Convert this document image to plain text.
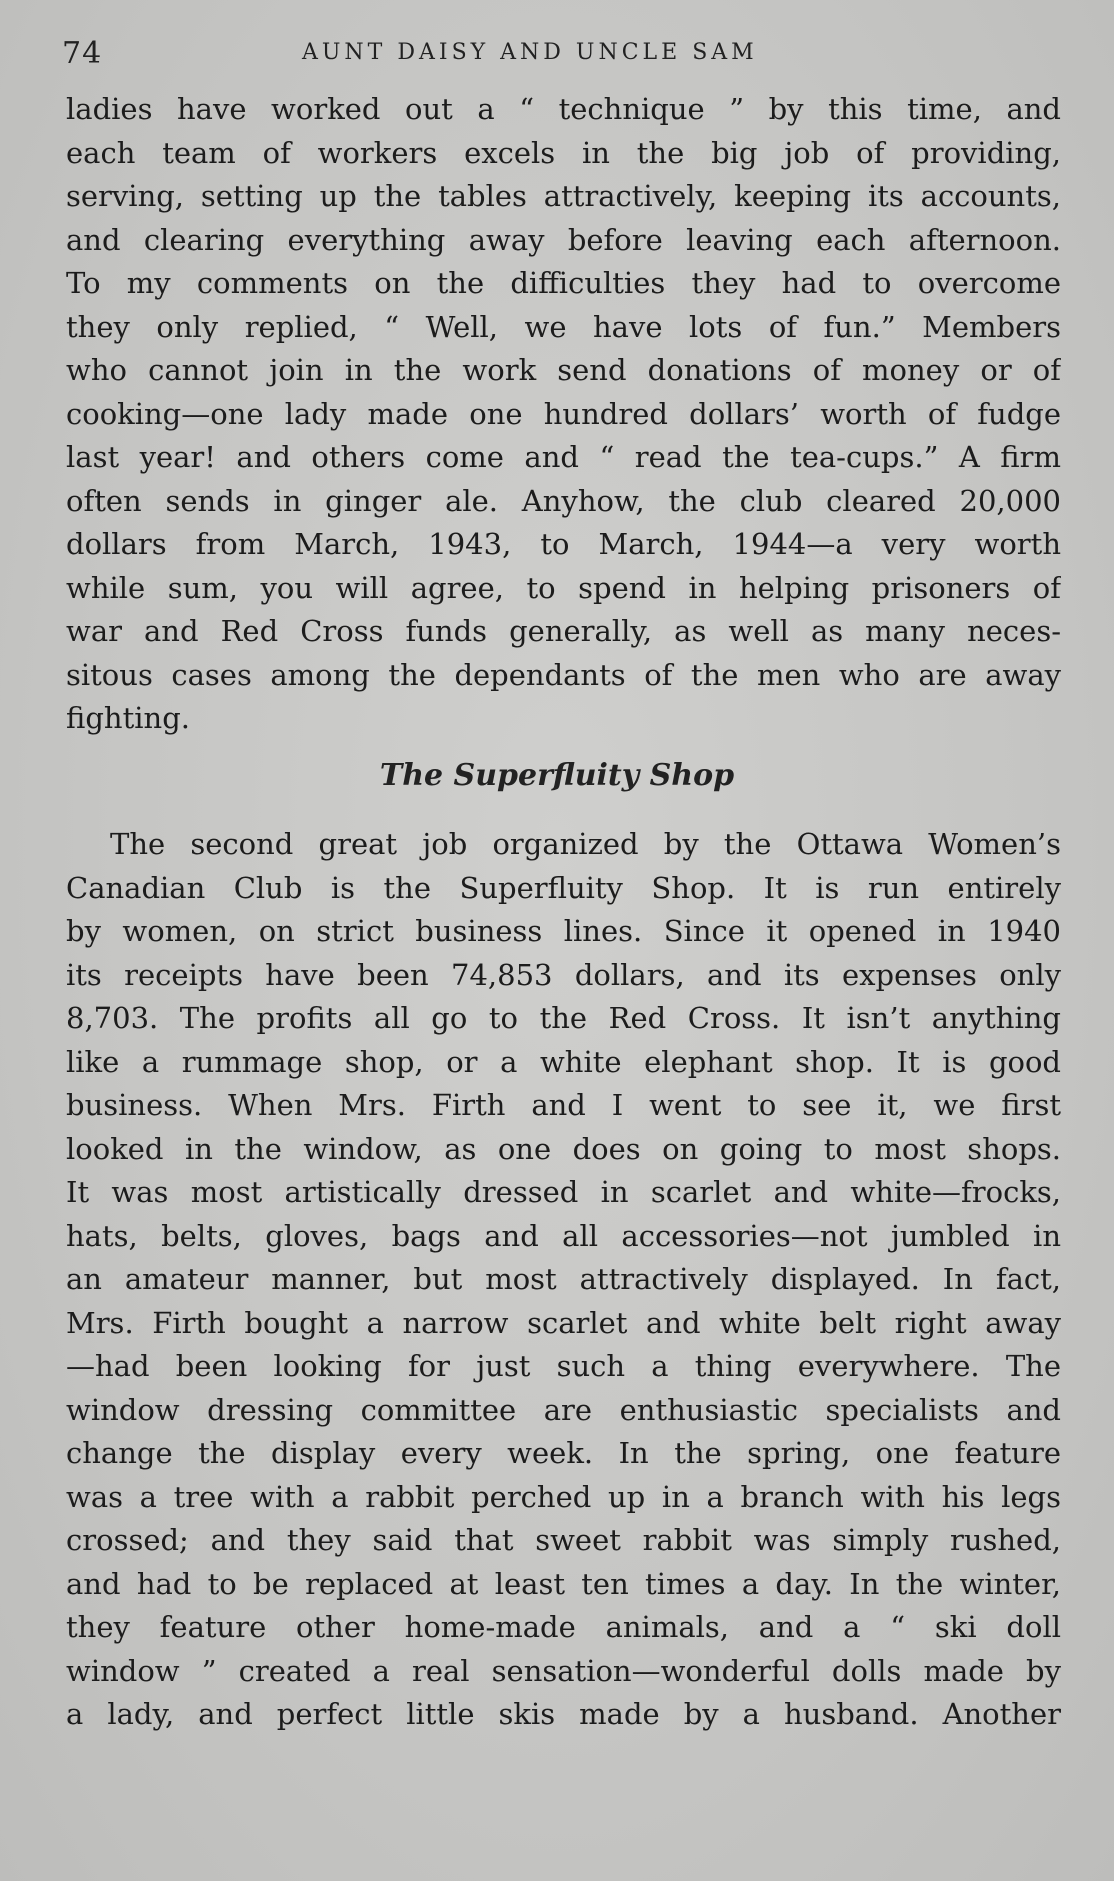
74	AUNT DAISY AND UNCLE SAM
ladies have worked out a “ technique ” by this time, and
each team of workers excels in the big job of providing,
serving, setting up the tables attractively, keeping its accounts,
and clearing everything away before leaving each afternoon.
To my comments on the difficulties they had to overcome
they only replied, “ Well, we have lots of fun.” Members
who cannot join in the work send donations of money or of
cooking—one lady made one hundred dollars’ worth of fudge
last year! and others come and “ read the tea-cups.” A firm
often sends in ginger ale. Anyhow, the club cleared 20,000
dollars from March, 1943, to March, 1944—a very worth
while sum, you will agree, to spend in helping prisoners of
war and Red Cross funds generally, as well as many neces-
sitous cases among the dependants of the men who are away
fighting.
The Superfluity Shop
The second great job organized by the Ottawa Women’s
Canadian Club is the Superfluity Shop. It is run entirely
by women, on strict business lines. Since it opened in 1940
its receipts have been 74,853 dollars, and its expenses only
8,703. The profits all go to the Red Cross. It isn’t anything
like a rummage shop, or a white elephant shop. It is good
business. When Mrs. Firth and I went to see it, we first
looked in the window, as one does on going to most shops.
It was most artistically dressed in scarlet and white—frocks,
hats, belts, gloves, bags and all accessories—not jumbled in
an amateur manner, but most attractively displayed. In fact,
Mrs. Firth bought a narrow scarlet and white belt right away
—had been looking for just such a thing everywhere. The
window dressing committee are enthusiastic specialists and
change the display every week. In the spring, one feature
was a tree with a rabbit perched up in a branch with his legs
crossed; and they said that sweet rabbit was simply rushed,
and had to be replaced at least ten times a day. In the winter,
they feature other home-made animals, and a “ ski doll
window ” created a real sensation—wonderful dolls made by
a lady, and perfect little skis made by a husband. Another
